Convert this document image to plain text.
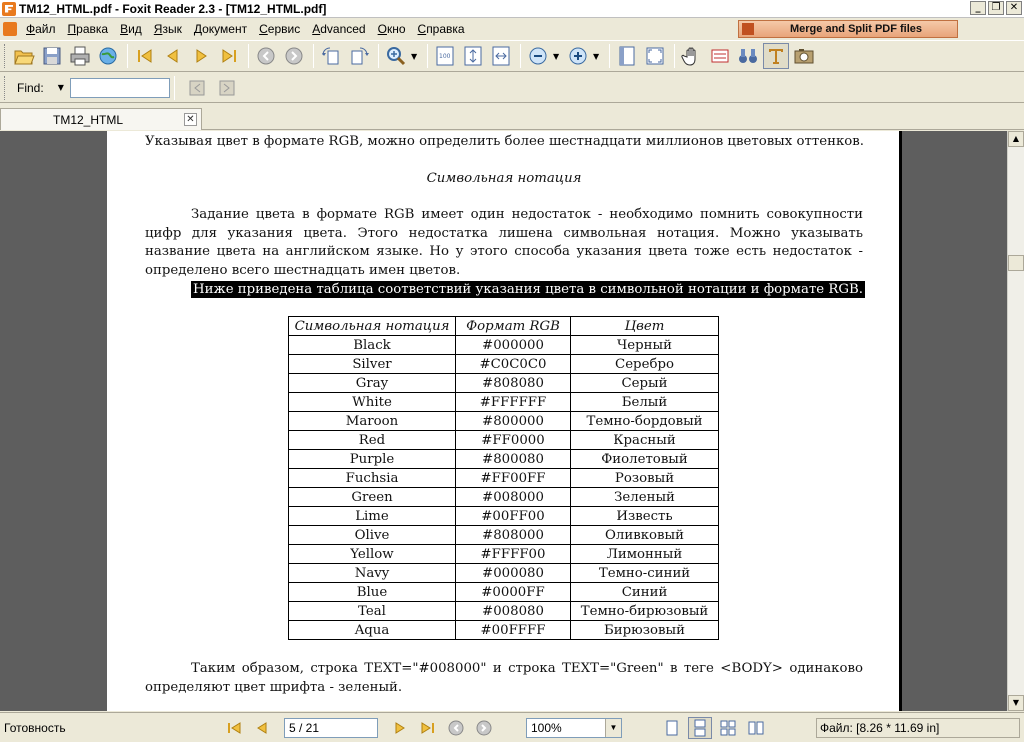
TM12_HTML.pdf - Foxit Reader 2.3 - [TM12_HTML.pdf]	_	❐ ✕
Файл	Правка	Вид	Язык	Документ	Сервис	Advanced	Окно	Справка	Merge and Split PDF files
▼	100	▼	▼
Find: ▼
TM12_HTML	✕

Указывая цвет в формате RGB, можно определить более шестнадцати миллионов цветовых оттенков.

Символьная нотация

Задание цвета в формате RGB имеет один недостаток - необходимо помнить совокупности цифр для указания цвета. Этого недостатка лишена символьная нотация. Можно указывать название цвета на английском языке. Но у этого способа указания цвета тоже есть недостаток - определено всего шестнадцать имен цветов.

Ниже приведена таблица соответствий указания цвета в символьной нотации и формате RGB.
Символьная нотация	Формат RGB	Цвет
Black	#000000	Черный
Silver	#C0C0C0	Серебро
Gray	#808080	Серый
White	#FFFFFF	Белый
Maroon	#800000	Темно-бордовый
Red	#FF0000	Красный
Purple	#800080	Фиолетовый
Fuchsia	#FF00FF	Розовый
Green	#008000	Зеленый
Lime	#00FF00	Известь
Olive	#808000	Оливковый
Yellow	#FFFF00	Лимонный
Navy	#000080	Темно-синий
Blue	#0000FF	Синий
Teal	#008080	Темно-бирюзовый
Aqua	#00FFFF	Бирюзовый

Таким образом, строка TEXT="#008000" и строка TEXT="Green" в теге <BODY> одинаково определяют цвет шрифта - зеленый.

▲
▼
Готовность	5 / 21	100%	▼	Файл: [8.26 * 11.69 in]
